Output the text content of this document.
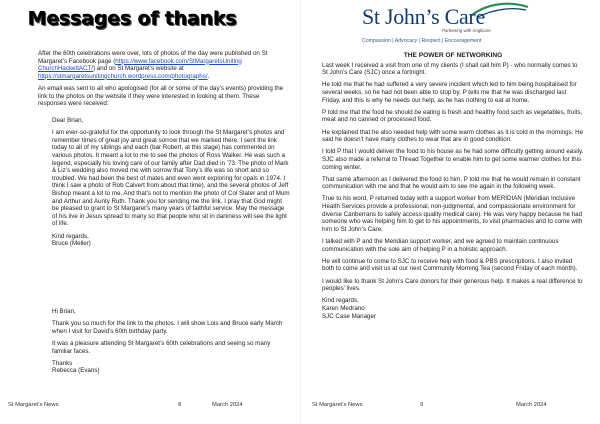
Messages of thanks

After the 60th celebrations were over, lots of photos of the day were published on St Margaret’s Facebook page (https://www.facebook.com/StMargaretsUniting ChurchHackettACT/) and on St Margaret’s website at https://stmargaretsunitingchurch.wordpress.com/photographs/.

An email was sent to all who apologised (for all or some of the day’s events) providing the link to the photos on the website if they were interested in looking at them. These responses were received:

Dear Brian,

I am ever-so-grateful for the opportunity to look through the St Margaret’s photos and remember times of great joy and great sorrow that we marked there. I sent the link today to all of my siblings and each (bar Robert, at this stage) has commented on various photos. It meant a lot to me to see the photos of Ross Walker. He was such a legend, especially his loving care of our family after Dad died in ’73. The photo of Mark & Liz’s wedding also moved me with sorrow that Tony’s life was so short and so troubled. We had been the best of mates and even went exploring for opals in 1974. I think I saw a photo of Rob Calvert from about that time), and the several photos of Jeff Bishop meant a lot to me. And that’s not to mention the photo of Col Slater and of Mum and Arthur and Aunty Ruth. Thank you for sending me the link. I pray that God might be pleased to grant to St Margaret’s many years of faithful service. May the message of his live in Jesus spread to many so that people who sit in darkness will see the light of life.

Kind regards,
Bruce (Meller)

Hi Brian,

Thank you so much for the link to the photos. I will show Lois and Bruce early March when I visit for David’s 60th birthday party.

It was a pleasure attending St Margaret’s 60th celebrations and seeing so many familiar faces.

Thanks
Rebecca (Evans)
St Margaret’s News	8	March 2024
St John’s Care
Partnering with Anglicare
Compassion | Advocacy | Respect | Encouragement
THE POWER OF NETWORKING

Last week I received a visit from one of my clients (I shall call him P) - who normally comes to St John’s Care (SJC) once a fortnight.

He told me that he had suffered a very severe incident which led to him being hospitalised for several weeks, so he had not been able to stop by. P tells me that he was discharged last Friday, and this is why he needs our help, as he has nothing to eat at home.

P told me that the food he should be eating is fresh and healthy food such as vegetables, fruits, meat and no canned or processed food.

He explained that he also needed help with some warm clothes as it is cold in the mornings. He said he doesn’t have many clothes to wear that are in good condition.

I told P that I would deliver the food to his house as he had some difficulty getting around easily. SJC also made a referral to Thread Together to enable him to get some warmer clothes for this coming winter.

That same afternoon as I delivered the food to him, P told me that he would remain in constant communication with me and that he would aim to see me again in the following week.

True to his word, P returned today with a support worker from MERIDIAN (Meridian Inclusive Health Services provide a professional, non-judgmental, and compassionate environment for diverse Canberrans to safely access quality medical care). He was very happy because he had someone who was helping him to get to his appointments, to visit pharmacies and to come with him to St John’s Care.

I talked with P and the Meridian support worker, and we agreed to maintain continuous communication with the sole aim of helping P in a holistic approach.

He will continue to come to SJC to receive help with food & PBS prescriptions. I also invited both to come and visit us at our next Community Morning Tea (second Friday of each month).

I would like to thank St John’s Care donors for their generous help. It makes a real difference to peoples’ lives.

Kind regards,
Karen Medrano
SJC Case Manager
St Margaret’s News	9	March 2024
